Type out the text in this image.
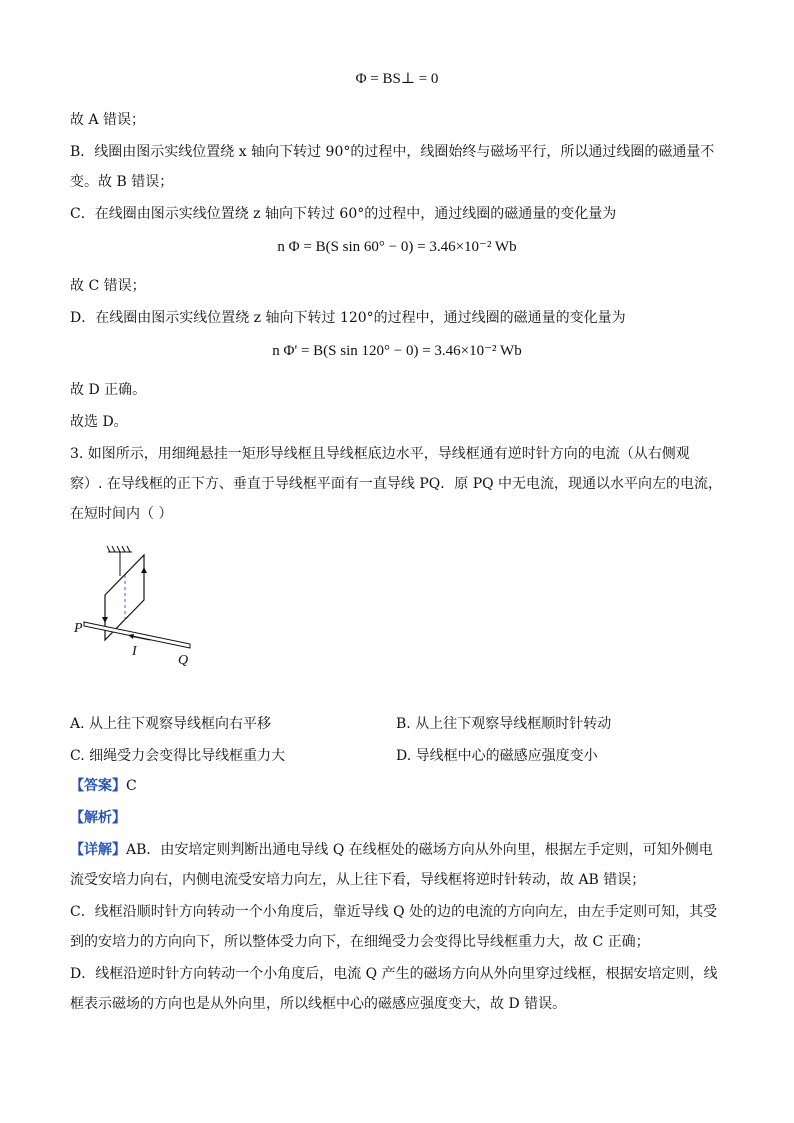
Φ = BS⊥ = 0
故 A 错误；
B．线圈由图示实线位置绕 x 轴向下转过 90°的过程中，线圈始终与磁场平行，所以通过线圈的磁通量不
变。故 B 错误；
C．在线圈由图示实线位置绕 z 轴向下转过 60°的过程中，通过线圈的磁通量的变化量为
n Φ = B(S sin 60° − 0) = 3.46×10⁻² Wb
故 C 错误；
D．在线圈由图示实线位置绕 z 轴向下转过 120°的过程中，通过线圈的磁通量的变化量为
n Φ' = B(S sin 120° − 0) = 3.46×10⁻² Wb
故 D 正确。
故选 D。
3. 如图所示，用细绳悬挂一矩形导线框且导线框底边水平，导线框通有逆时针方向的电流（从右侧观
察）. 在导线框的正下方、垂直于导线框平面有一直导线 PQ．原 PQ 中无电流，现通以水平向左的电流，
在短时间内（ ）
P
I
Q
A. 从上往下观察导线框向右平移	B. 从上往下观察导线框顺时针转动
C. 细绳受力会变得比导线框重力大	D. 导线框中心的磁感应强度变小
【答案】C
【解析】
【详解】AB．由安培定则判断出通电导线 Q 在线框处的磁场方向从外向里，根据左手定则，可知外侧电
流受安培力向右，内侧电流受安培力向左，从上往下看，导线框将逆时针转动，故 AB 错误；
C．线框沿顺时针方向转动一个小角度后，靠近导线 Q 处的边的电流的方向向左，由左手定则可知，其受
到的安培力的方向向下，所以整体受力向下，在细绳受力会变得比导线框重力大，故 C 正确；
D．线框沿逆时针方向转动一个小角度后，电流 Q 产生的磁场方向从外向里穿过线框，根据安培定则，线
框表示磁场的方向也是从外向里，所以线框中心的磁感应强度变大，故 D 错误。
